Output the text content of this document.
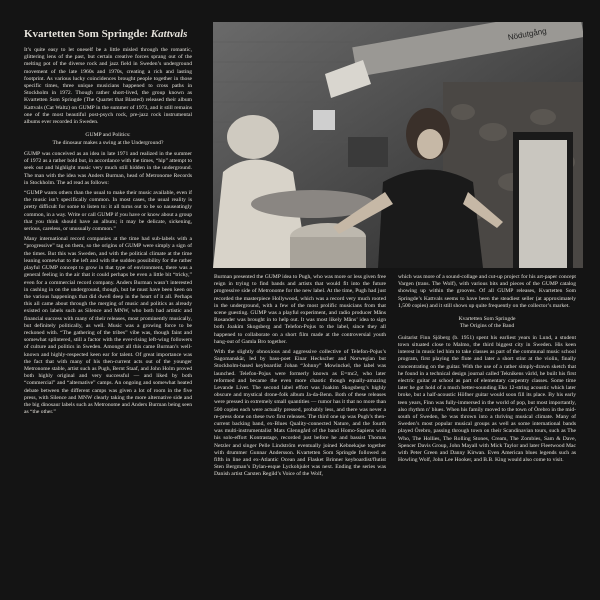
Kvartetten Som Springde: Kattvals

It’s quite easy to let oneself be a little misled through the romantic, glittering lens of the past, but certain creative forces sprang out of the melting pot of the diverse rock and jazz field in Sweden’s underground movement of the late 1960s and 1970s, creating a rich and lasting footprint. As various lucky coincidences brought people together in those specific times, three unique musicians happened to cross paths in Stockholm in 1972. Though rather short-lived, the group known as Kvartetten Som Springde (The Quartet that Blasted) released their album Kattvals (Cat Waltz) on GUMP in the summer of 1973, and it still remains one of the most beautiful post-psych rock, pre-jazz rock instrumental albums ever recorded in Sweden.

GUMP and Politics:
The dinosaur makes a swing at the Underground?

GUMP was conceived as an idea in late 1971 and realized in the summer of 1972 as a rather bold but, in accordance with the times, “hip” attempt to seek out and highlight music very much still hidden in the underground. The man with the idea was Anders Burman, head of Metronome Records in Stockholm. The ad read as follows:

“GUMP wants others than the usual to make their music available, even if the music isn’t specifically common. In most cases, the usual reality is pretty difficult for some to listen to: it all turns out to be so nauseatingly common, in a way. Write or call GUMP if you have or know about a group that you think should have an album; it may be delicate, sickening, serious, careless, or unusually common.”

Many international record companies at the time had sub-labels with a “progressive” tag on them, so the origins of GUMP were simply a sign of the times. But this was Sweden, and with the political climate at the time leaning somewhat to the left and with the sudden possibility for the rather playful GUMP concept to grow in that type of environment, there was a general feeling in the air that it could perhaps be even a little bit “tricky,” even for a commercial record company. Anders Burman wasn’t interested in cashing in on the underground, though, but he must have been keen on the various happenings that did dwell deep in the heart of it all. Perhaps this all came about through the merging of music and politics as already existed on labels such as Silence and MNW, who both had artistic and financial success with many of their releases, most prominently musically, but definitely politically, as well. Music was a growing force to be reckoned with. “The gathering of the tribes” vibe was, though faint and somewhat splintered, still a factor with the ever-rising left-wing followers of culture and politics in Sweden. Amongst all this came Burman’s well-known and highly-respected keen ear for talent. Of great importance was the fact that with many of his then-current acts out of the younger Metronome stable, artist such as Pugh, Bernt Staaf, and John Holm proved both highly original and very successful — and liked by both “commercial” and “alternative” camps. An ongoing and somewhat heated debate between the different camps was given a lot of room in the five press, with Silence and MNW clearly taking the more alternative side and the big dinosaur labels such as Metronome and Anders Burman being seen as “the other.”

Nödutgång

Burman presented the GUMP idea to Pugh, who was more or less given free reign in trying to find bands and artists that would fit into the future progressive side of Metronome for the new label. At the time, Pugh had just recorded the masterpiece Hollywood, which was a record very much rooted in the underground, with a few of the most prolific musicians from that scene guesting. GUMP was a playful experiment, and radio producer Måns Rosander was brought in to help out. It was most likely Måns’ idea to sign both Joakim Skogsberg and Telefon-Pojus to the label, since they all happened to collaborate on a short film made at the controversial youth hang-out of Gamla Bro together.

With the slightly obnoxious and aggressive collective of Telefon-Pojus’s Sagomanskär, led by bass-poet Einar Heckscher and Norwegian but Stockholm-based keyboardist Johan “Johnny” Mowinckel, the label was launched. Telefon-Pojus were formerly known as E=mc2, who later reformed and became the even more chaotic though equally-amazing Levande Livet. The second label effort was Joakim Skogsberg’s highly obscure and mystical drone-folk album Ja-da-Benn. Both of these releases were pressed in extremely small quantities — rumor has it that no more than 500 copies each were actually pressed, probably less, and there was never a re-press done on these two first releases. The third one up was Pugh’s then-current backing band, ex-Blues Quality-connected Nature, and the fourth was multi-instrumentalist Mats Glenngård of the band Homo-Sapiens with his solo-effort Kontrastage, recorded just before he and bassist Thomas Netzler and singer Pelle Lindström eventually joined Kebnekajse together with drummer Gunnar Andersson. Kvartetten Som Springde followed as fifth in line and ex-Atlantic Ocean and Flasket Brinner keyboardist/flutist Sten Bergman’s Dylan-esque Lyckohjulet was next. Ending the series was Danish artist Carsten Regild’s Voice of the Wolf,

which was more of a sound-collage and cut-up project for his art-paper concept Vargen (trans. The Wolf), with various bits and pieces of the GUMP catalog showing up within the grooves. Of all GUMP releases, Kvartetten Som Springde’s Kattvals seems to have been the steadiest seller (at approximately 1,500 copies) and it still shows up quite frequently on the collector’s market.

Kvartetten Som Springde
The Origins of the Band

Guitarist Finn Sjöberg (b. 1951) spent his earliest years in Lund, a student town situated close to Malmo, the third biggest city in Sweden. His keen interest in music led him to take classes as part of the communal music school program, first playing the flute and later a short stint at the violin, finally concentrating on the guitar. With the use of a rather simply-drawn sketch that he found in a technical design journal called Teknikens värld, he built his first electric guitar at school as part of elementary carpentry classes. Some time later he got hold of a much better-sounding Eko 12-string acoustic which later broke, but a half-acoustic Höfner guitar would soon fill its place. By his early teen years, Finn was fully-immersed in the world of pop, but most importantly, also rhythm n’ blues. When his family moved to the town of Örebro in the mid-south of Sweden, he was thrown into a thriving musical climate. Many of Sweden’s most popular musical groups as well as some international bands played Örebro, passing through town on their Scandinavian tours, such as The Who, The Hollies, The Rolling Stones, Cream, The Zombies, Sam & Dave, Spencer Davis Group, John Mayall with Mick Taylor and later Fleetwood Mac with Peter Green and Danny Kirwan. Even American blues legends such as Howling Wolf, John Lee Hooker, and B.B. King would also come to visit.
